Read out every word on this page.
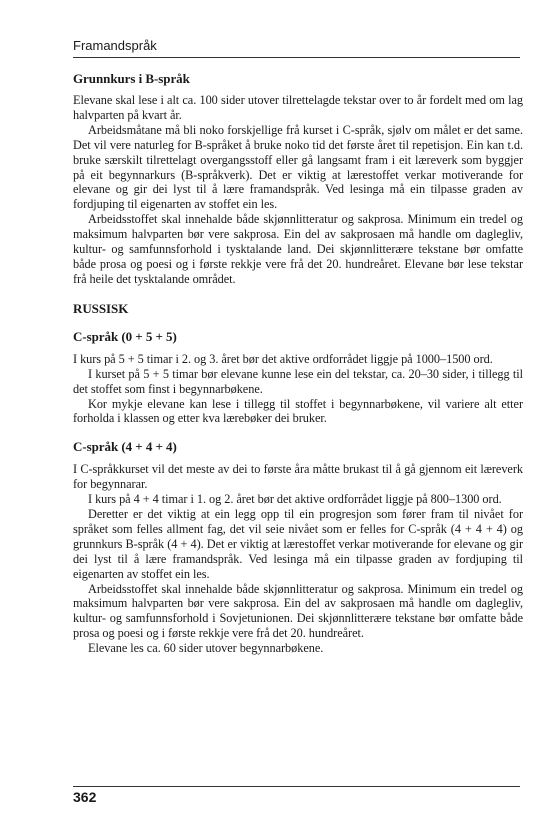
Framandspråk
Grunnkurs i B-språk

Elevane skal lese i alt ca. 100 sider utover tilrettelagde tekstar over to år fordelt med om lag halvparten på kvart år.

Arbeidsmåtane må bli noko forskjellige frå kurset i C-språk, sjølv om målet er det same. Det vil vere naturleg for B-språket å bruke noko tid det første året til repetisjon. Ein kan t.d. bruke særskilt tilrettelagt overgangsstoff eller gå langsamt fram i eit læreverk som byggjer på eit begynnarkurs (B-språkverk). Det er viktig at lærestoffet verkar motiverande for elevane og gir dei lyst til å lære framandspråk. Ved lesinga må ein tilpasse graden av fordjuping til eigenarten av stoffet ein les.

Arbeidsstoffet skal innehalde både skjønnlitteratur og sakprosa. Minimum ein tredel og maksimum halvparten bør vere sakprosa. Ein del av sakprosaen må handle om daglegliv, kultur- og samfunnsforhold i tysktalande land. Dei skjønnlitterære tekstane bør omfatte både prosa og poesi og i første rekkje vere frå det 20. hundreåret. Elevane bør lese tekstar frå heile det tysktalande området.

RUSSISK
C-språk (0 + 5 + 5)

I kurs på 5 + 5 timar i 2. og 3. året bør det aktive ordforrådet liggje på 1000–1500 ord.

I kurset på 5 + 5 timar bør elevane kunne lese ein del tekstar, ca. 20–30 sider, i tillegg til det stoffet som finst i begynnarbøkene.

Kor mykje elevane kan lese i tillegg til stoffet i begynnarbøkene, vil variere alt etter forholda i klassen og etter kva lærebøker dei bruker.

C-språk (4 + 4 + 4)

I C-språkkurset vil det meste av dei to første åra måtte brukast til å gå gjennom eit læreverk for begynnarar.

I kurs på 4 + 4 timar i 1. og 2. året bør det aktive ordforrådet liggje på 800–1300 ord.

Deretter er det viktig at ein legg opp til ein progresjon som fører fram til nivået for språket som felles allment fag, det vil seie nivået som er felles for C-språk (4 + 4 + 4) og grunnkurs B-språk (4 + 4). Det er viktig at lærestoffet verkar motiverande for elevane og gir dei lyst til å lære framandspråk. Ved lesinga må ein tilpasse graden av fordjuping til eigenarten av stoffet ein les.

Arbeidsstoffet skal innehalde både skjønnlitteratur og sakprosa. Minimum ein tredel og maksimum halvparten bør vere sakprosa. Ein del av sakprosaen må handle om daglegliv, kultur- og samfunnsforhold i Sovjetunionen. Dei skjønnlitterære tekstane bør omfatte både prosa og poesi og i første rekkje vere frå det 20. hundreåret.

Elevane les ca. 60 sider utover begynnarbøkene.

362
